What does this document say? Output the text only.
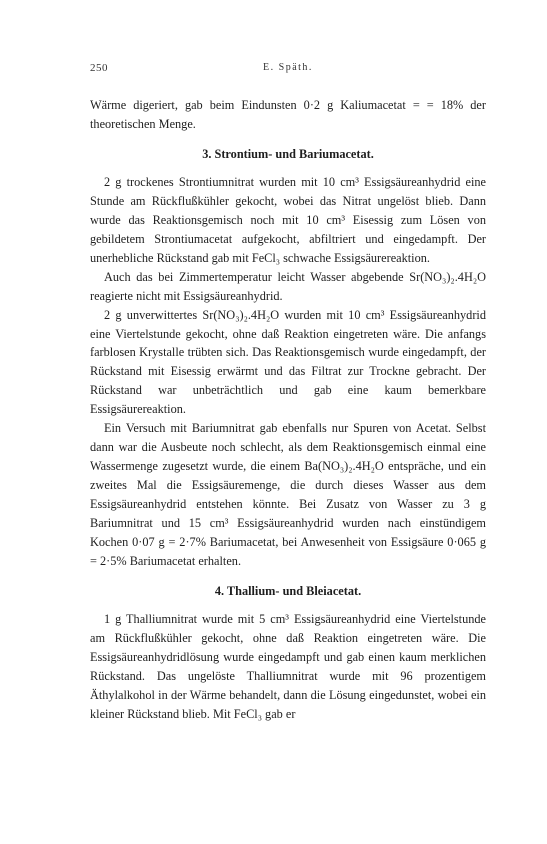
250	E. Späth.

Wärme digeriert, gab beim Eindunsten 0·2 g Kaliumacetat = = 18% der theoretischen Menge.

3. Strontium- und Bariumacetat.

2 g trockenes Strontiumnitrat wurden mit 10 cm³ Essigsäureanhydrid eine Stunde am Rückflußkühler gekocht, wobei das Nitrat ungelöst blieb. Dann wurde das Reaktionsgemisch noch mit 10 cm³ Eisessig zum Lösen von gebildetem Strontiumacetat aufgekocht, abfiltriert und eingedampft. Der unerhebliche Rückstand gab mit FeCl₃ schwache Essigsäurereaktion.

Auch das bei Zimmertemperatur leicht Wasser abgebende Sr(NO₃)₂.4H₂O reagierte nicht mit Essigsäureanhydrid.

2 g unverwittertes Sr(NO₃)₂.4H₂O wurden mit 10 cm³ Essigsäureanhydrid eine Viertelstunde gekocht, ohne daß Reaktion eingetreten wäre. Die anfangs farblosen Krystalle trübten sich. Das Reaktionsgemisch wurde eingedampft, der Rückstand mit Eisessig erwärmt und das Filtrat zur Trockne gebracht. Der Rückstand war unbeträchtlich und gab eine kaum bemerkbare Essigsäurereaktion.

Ein Versuch mit Bariumnitrat gab ebenfalls nur Spuren von Acetat. Selbst dann war die Ausbeute noch schlecht, als dem Reaktionsgemisch einmal eine Wassermenge zugesetzt wurde, die einem Ba(NO₃)₂.4H₂O entspräche, und ein zweites Mal die Essigsäuremenge, die durch dieses Wasser aus dem Essigsäureanhydrid entstehen könnte. Bei Zusatz von Wasser zu 3 g Bariumnitrat und 15 cm³ Essigsäureanhydrid wurden nach einstündigem Kochen 0·07 g = 2·7% Bariumacetat, bei Anwesenheit von Essigsäure 0·065 g = 2·5% Bariumacetat erhalten.

4. Thallium- und Bleiacetat.

1 g Thalliumnitrat wurde mit 5 cm³ Essigsäureanhydrid eine Viertelstunde am Rückflußkühler gekocht, ohne daß Reaktion eingetreten wäre. Die Essigsäureanhydridlösung wurde eingedampft und gab einen kaum merklichen Rückstand. Das ungelöste Thalliumnitrat wurde mit 96 prozentigem Äthylalkohol in der Wärme behandelt, dann die Lösung eingedunstet, wobei ein kleiner Rückstand blieb. Mit FeCl₃ gab er
